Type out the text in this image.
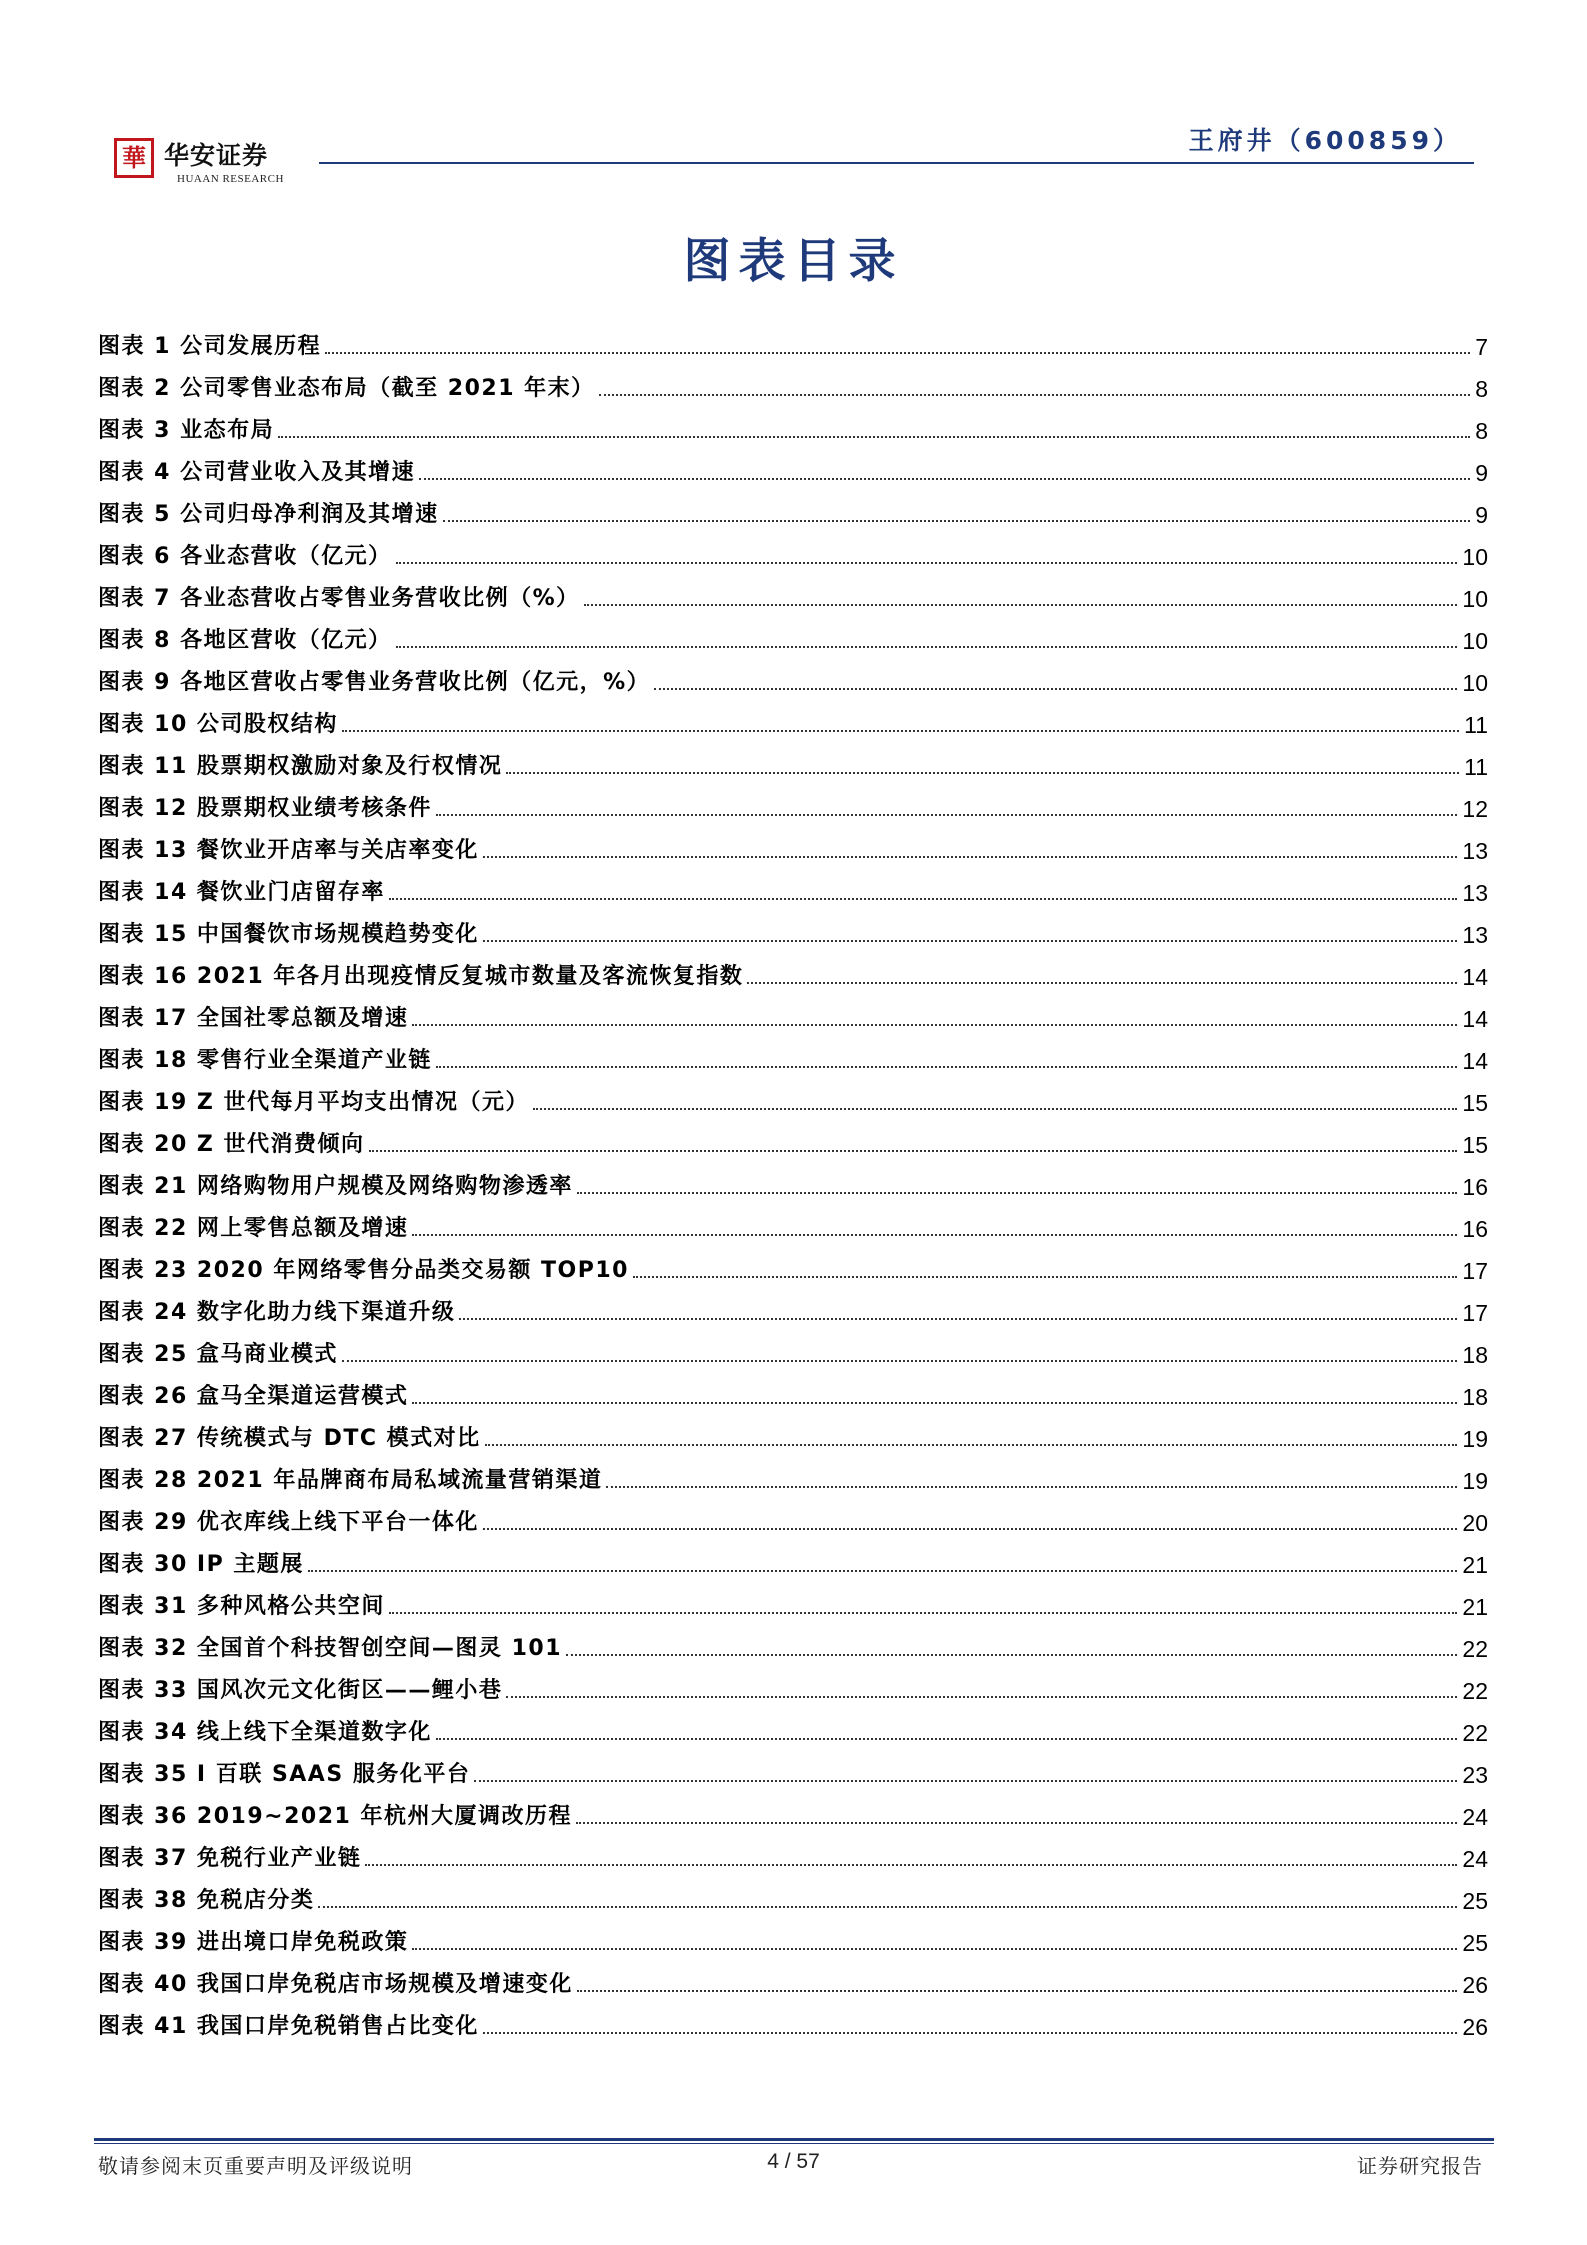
華 华安证券
HUAAN RESEARCH
王府井（600859）
图表目录
图表 1 公司发展历程	7
图表 2 公司零售业态布局（截至 2021 年末）	8
图表 3 业态布局	8
图表 4 公司营业收入及其增速	9
图表 5 公司归母净利润及其增速	9
图表 6 各业态营收（亿元）	10
图表 7 各业态营收占零售业务营收比例（%）	10
图表 8 各地区营收（亿元）	10
图表 9 各地区营收占零售业务营收比例（亿元，%）	10
图表 10 公司股权结构	11
图表 11 股票期权激励对象及行权情况	11
图表 12 股票期权业绩考核条件	12
图表 13 餐饮业开店率与关店率变化	13
图表 14 餐饮业门店留存率	13
图表 15 中国餐饮市场规模趋势变化	13
图表 16 2021 年各月出现疫情反复城市数量及客流恢复指数	14
图表 17 全国社零总额及增速	14
图表 18 零售行业全渠道产业链	14
图表 19 Z 世代每月平均支出情况（元）	15
图表 20 Z 世代消费倾向	15
图表 21 网络购物用户规模及网络购物渗透率	16
图表 22 网上零售总额及增速	16
图表 23 2020 年网络零售分品类交易额 TOP10	17
图表 24 数字化助力线下渠道升级	17
图表 25 盒马商业模式	18
图表 26 盒马全渠道运营模式	18
图表 27 传统模式与 DTC 模式对比	19
图表 28 2021 年品牌商布局私域流量营销渠道	19
图表 29 优衣库线上线下平台一体化	20
图表 30 IP 主题展	21
图表 31 多种风格公共空间	21
图表 32 全国首个科技智创空间—图灵 101	22
图表 33 国风次元文化街区——鲤小巷	22
图表 34 线上线下全渠道数字化	22
图表 35 I 百联 SAAS 服务化平台	23
图表 36 2019~2021 年杭州大厦调改历程	24
图表 37 免税行业产业链	24
图表 38 免税店分类	25
图表 39 进出境口岸免税政策	25
图表 40 我国口岸免税店市场规模及增速变化	26
图表 41 我国口岸免税销售占比变化	26
敬请参阅末页重要声明及评级说明	4 / 57	证券研究报告
